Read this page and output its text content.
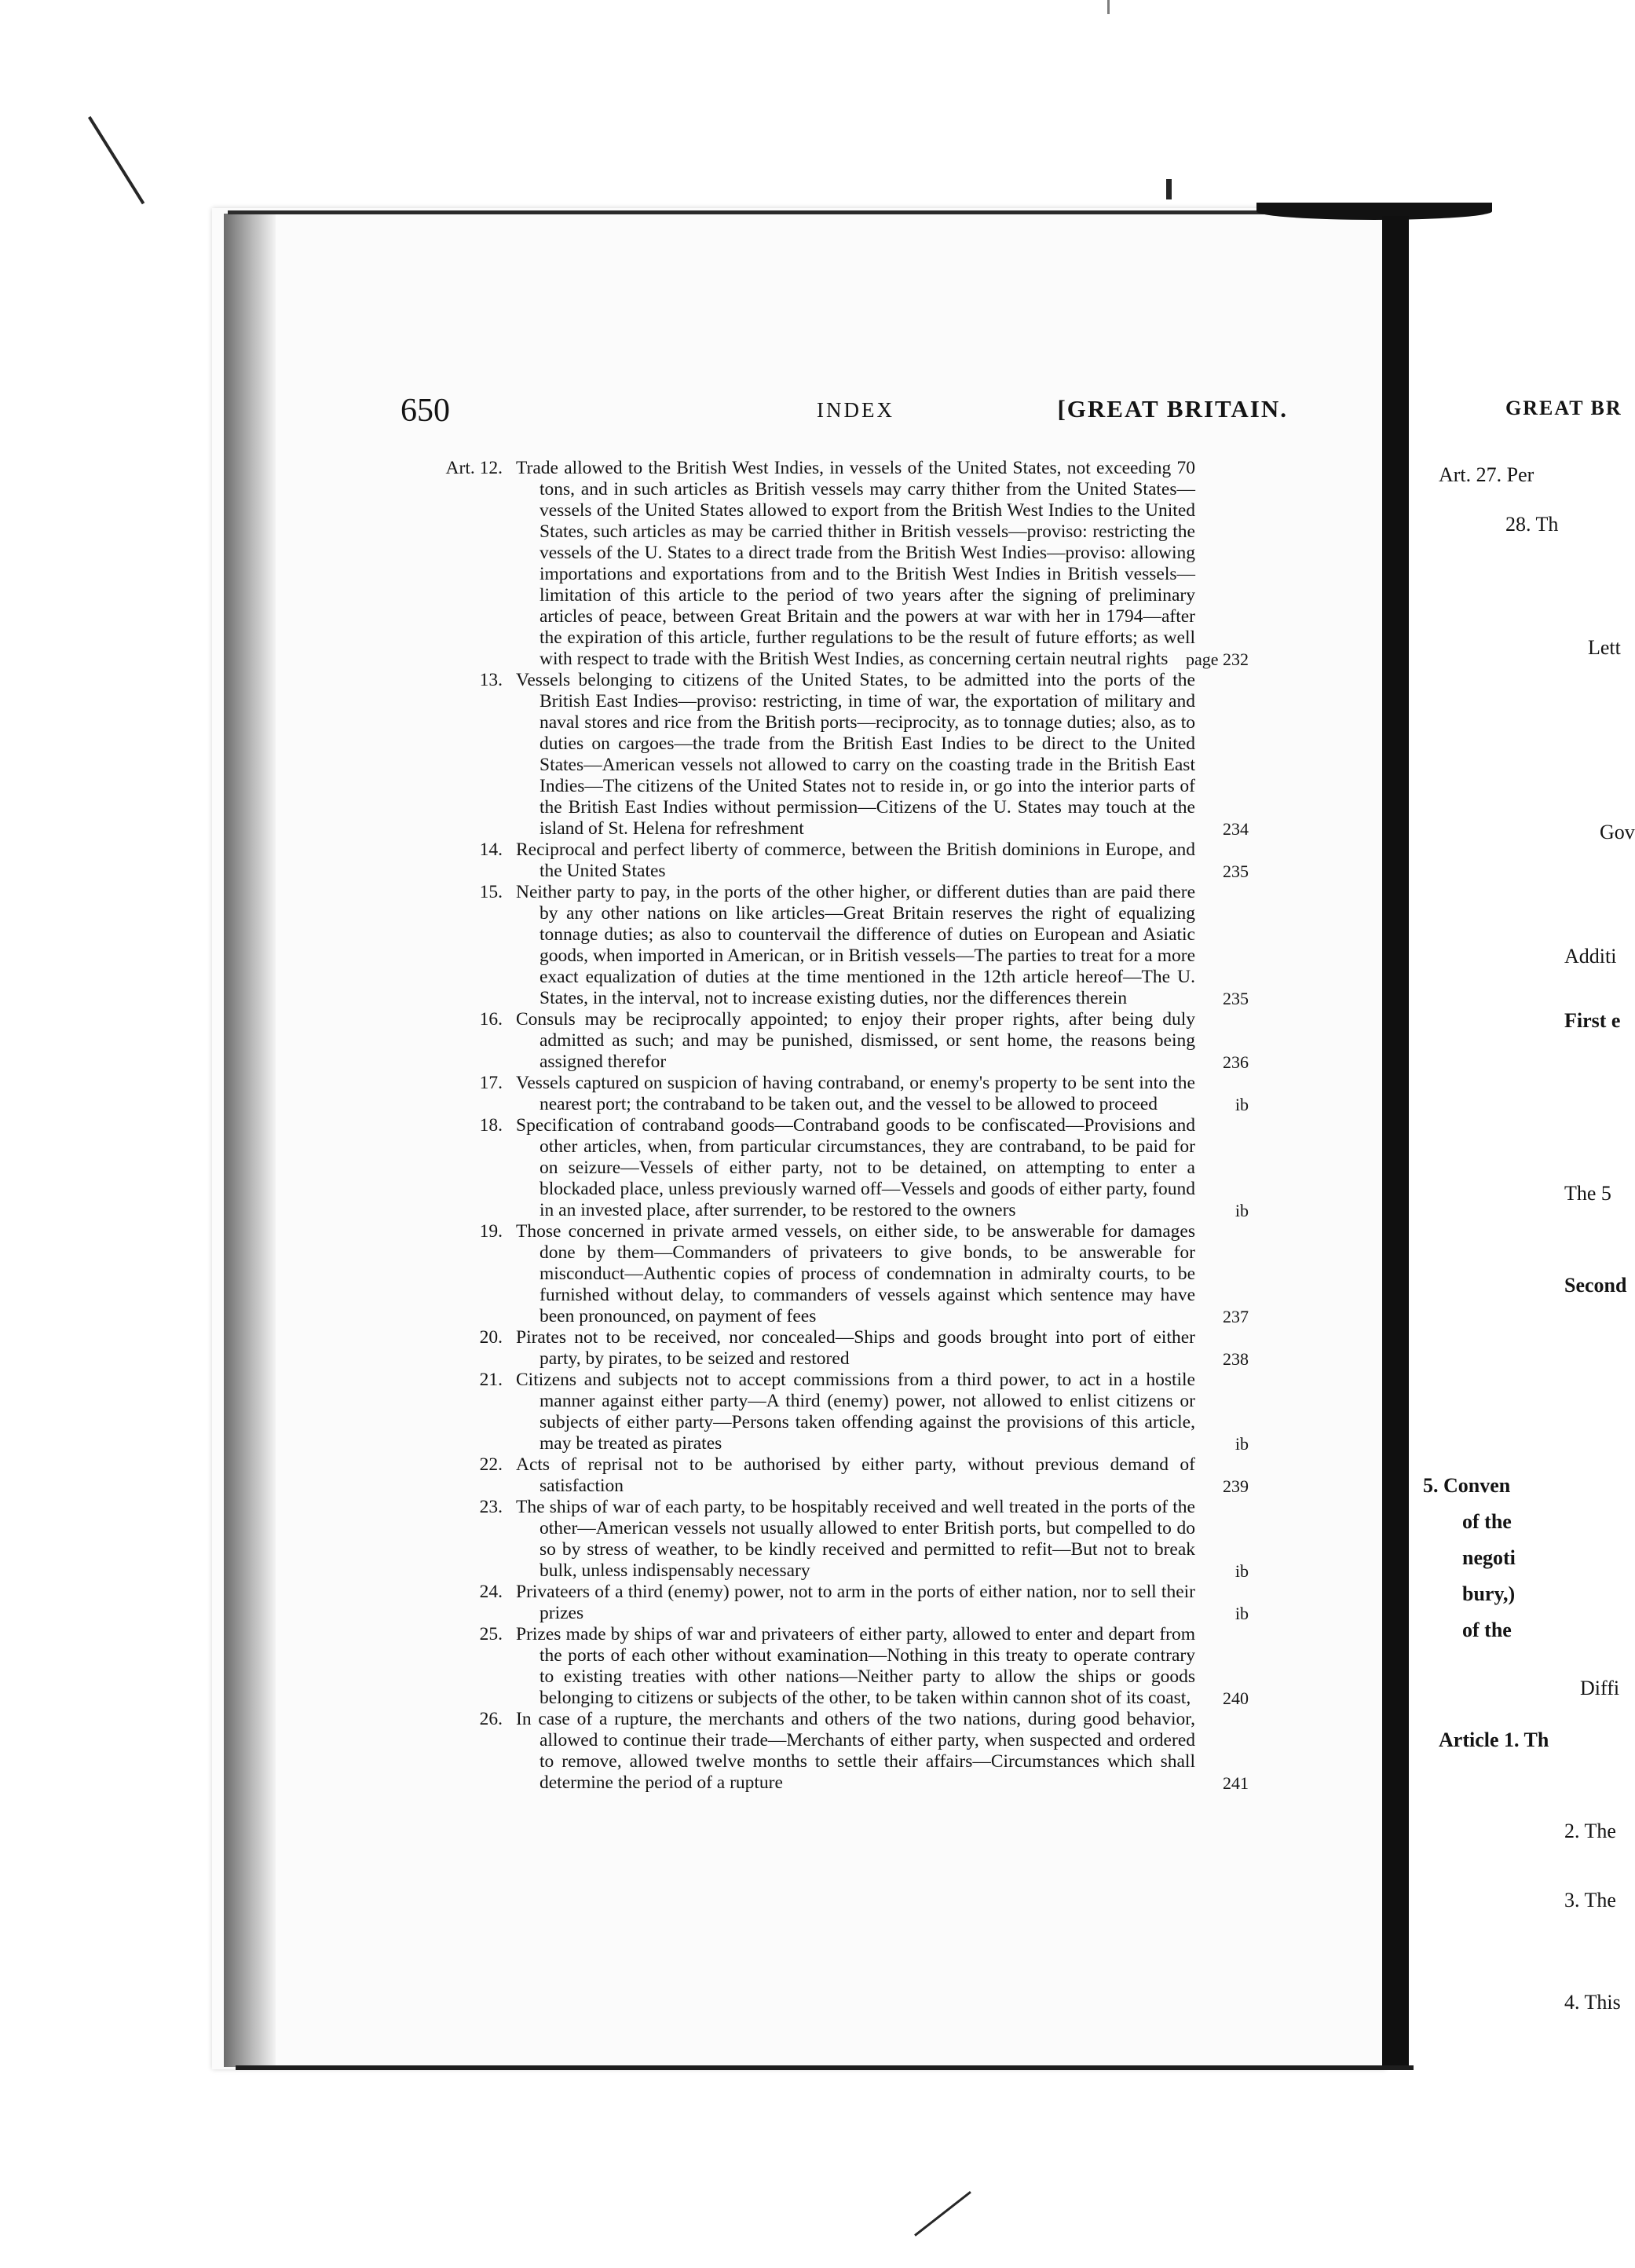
650	INDEX	[GREAT BRITAIN.
Art. 12. Trade allowed to the British West Indies, in vessels of the United States, not exceeding 70 tons, and in such articles as British vessels may carry thither from the United States—vessels of the United States allowed to export from the British West Indies to the United States, such articles as may be carried thither in British vessels—proviso: restricting the vessels of the U. States to a direct trade from the British West Indies—proviso: allowing importations and exportations from and to the British West Indies in British vessels—limitation of this article to the period of two years after the signing of preliminary articles of peace, between Great Britain and the powers at war with her in 1794—after the expiration of this article, further regulations to be the result of future efforts; as well with respect to trade with the British West Indies, as concerning certain neutral rights	page 232
13. Vessels belonging to citizens of the United States, to be admitted into the ports of the British East Indies—proviso: restricting, in time of war, the exportation of military and naval stores and rice from the British ports—reciprocity, as to tonnage duties; also, as to duties on cargoes—the trade from the British East Indies to be direct to the United States—American vessels not allowed to carry on the coasting trade in the British East Indies—The citizens of the United States not to reside in, or go into the interior parts of the British East Indies without permission—Citizens of the U. States may touch at the island of St. Helena for refreshment	234
14. Reciprocal and perfect liberty of commerce, between the British dominions in Europe, and the United States	235
15. Neither party to pay, in the ports of the other higher, or different duties than are paid there by any other nations on like articles—Great Britain reserves the right of equalizing tonnage duties; as also to countervail the difference of duties on European and Asiatic goods, when imported in American, or in British vessels—The parties to treat for a more exact equalization of duties at the time mentioned in the 12th article hereof—The U. States, in the interval, not to increase existing duties, nor the differences therein	235
16. Consuls may be reciprocally appointed; to enjoy their proper rights, after being duly admitted as such; and may be punished, dismissed, or sent home, the reasons being assigned therefor	236
17. Vessels captured on suspicion of having contraband, or enemy's property to be sent into the nearest port; the contraband to be taken out, and the vessel to be allowed to proceed	ib
18. Specification of contraband goods—Contraband goods to be confiscated—Provisions and other articles, when, from particular circumstances, they are contraband, to be paid for on seizure—Vessels of either party, not to be detained, on attempting to enter a blockaded place, unless previously warned off—Vessels and goods of either party, found in an invested place, after surrender, to be restored to the owners	ib
19. Those concerned in private armed vessels, on either side, to be answerable for damages done by them—Commanders of privateers to give bonds, to be answerable for misconduct—Authentic copies of process of condemnation in admiralty courts, to be furnished without delay, to commanders of vessels against which sentence may have been pronounced, on payment of fees	237
20. Pirates not to be received, nor concealed—Ships and goods brought into port of either party, by pirates, to be seized and restored	238
21. Citizens and subjects not to accept commissions from a third power, to act in a hostile manner against either party—A third (enemy) power, not allowed to enlist citizens or subjects of either party—Persons taken offending against the provisions of this article, may be treated as pirates	ib
22. Acts of reprisal not to be authorised by either party, without previous demand of satisfaction	239
23. The ships of war of each party, to be hospitably received and well treated in the ports of the other—American vessels not usually allowed to enter British ports, but compelled to do so by stress of weather, to be kindly received and permitted to refit—But not to break bulk, unless indispensably necessary	ib
24. Privateers of a third (enemy) power, not to arm in the ports of either nation, nor to sell their prizes	ib
25. Prizes made by ships of war and privateers of either party, allowed to enter and depart from the ports of each other without examination—Nothing in this treaty to operate contrary to existing treaties with other nations—Neither party to allow the ships or goods belonging to citizens or subjects of the other, to be taken within cannon shot of its coast,	240
26. In case of a rupture, the merchants and others of the two nations, during good behavior, allowed to continue their trade—Merchants of either party, when suspected and ordered to remove, allowed twelve months to settle their affairs—Circumstances which shall determine the period of a rupture	241
GREAT BR
Art. 27. Per
28. Th
Lett
Gov
Additi
First e
The 5
Second
5. Conven
of the
negoti
bury,)
of the
Diffi
Article 1. Th
2. The
3. The
4. This
